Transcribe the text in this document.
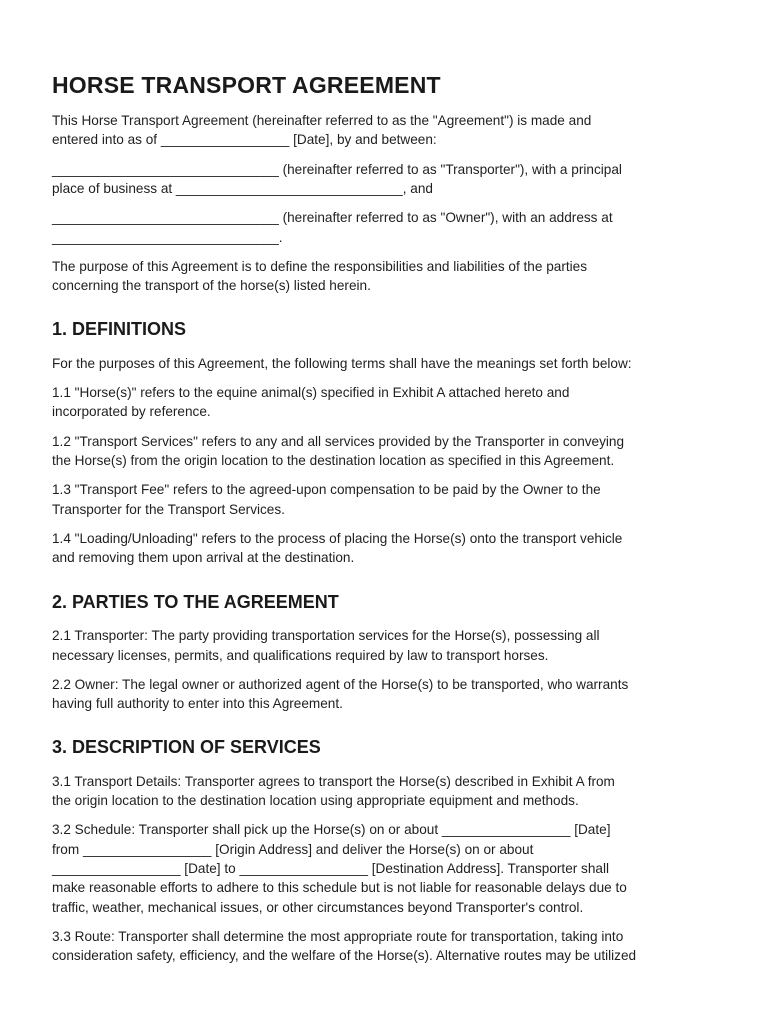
HORSE TRANSPORT AGREEMENT

This Horse Transport Agreement (hereinafter referred to as the "Agreement") is made and

entered into as of _________________ [Date], by and between:

______________________________ (hereinafter referred to as "Transporter"), with a principal

place of business at ______________________________, and

______________________________ (hereinafter referred to as "Owner"), with an address at

______________________________.

The purpose of this Agreement is to define the responsibilities and liabilities of the parties

concerning the transport of the horse(s) listed herein.

1. DEFINITIONS

For the purposes of this Agreement, the following terms shall have the meanings set forth below:

1.1 "Horse(s)" refers to the equine animal(s) specified in Exhibit A attached hereto and

incorporated by reference.

1.2 "Transport Services" refers to any and all services provided by the Transporter in conveying

the Horse(s) from the origin location to the destination location as specified in this Agreement.

1.3 "Transport Fee" refers to the agreed-upon compensation to be paid by the Owner to the

Transporter for the Transport Services.

1.4 "Loading/Unloading" refers to the process of placing the Horse(s) onto the transport vehicle

and removing them upon arrival at the destination.

2. PARTIES TO THE AGREEMENT

2.1 Transporter: The party providing transportation services for the Horse(s), possessing all

necessary licenses, permits, and qualifications required by law to transport horses.

2.2 Owner: The legal owner or authorized agent of the Horse(s) to be transported, who warrants

having full authority to enter into this Agreement.

3. DESCRIPTION OF SERVICES

3.1 Transport Details: Transporter agrees to transport the Horse(s) described in Exhibit A from

the origin location to the destination location using appropriate equipment and methods.

3.2 Schedule: Transporter shall pick up the Horse(s) on or about _________________ [Date]

from _________________ [Origin Address] and deliver the Horse(s) on or about

_________________ [Date] to _________________ [Destination Address]. Transporter shall

make reasonable efforts to adhere to this schedule but is not liable for reasonable delays due to

traffic, weather, mechanical issues, or other circumstances beyond Transporter's control.

3.3 Route: Transporter shall determine the most appropriate route for transportation, taking into

consideration safety, efficiency, and the welfare of the Horse(s). Alternative routes may be utilized
